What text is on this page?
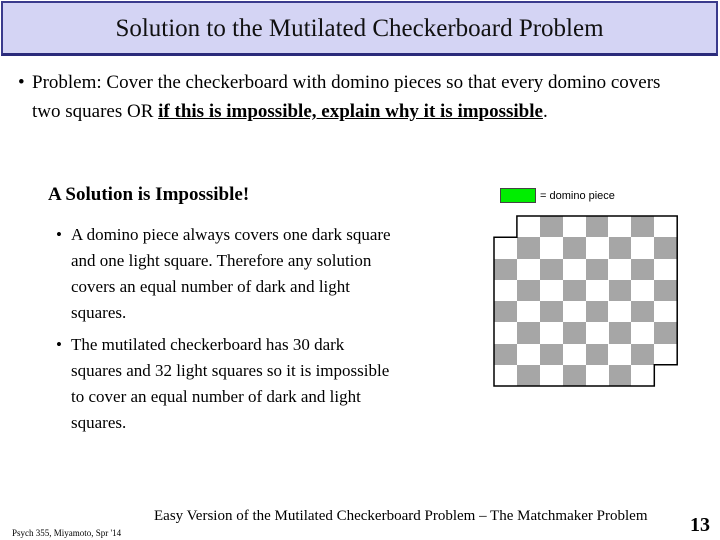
Solution to the Mutilated Checkerboard Problem
• Problem: Cover the checkerboard with domino pieces so that every domino covers two squares OR if this is impossible, explain why it is impossible.
A Solution is Impossible!
• A domino piece always covers one dark square and one light square. Therefore any solution covers an equal number of dark and light squares.
• The mutilated checkerboard has 30 dark squares and 32 light squares so it is impossible to cover an equal number of dark and light squares.
= domino piece
Easy Version of the Mutilated Checkerboard Problem – The Matchmaker Problem
Psych 355, Miyamoto, Spr '14	13
